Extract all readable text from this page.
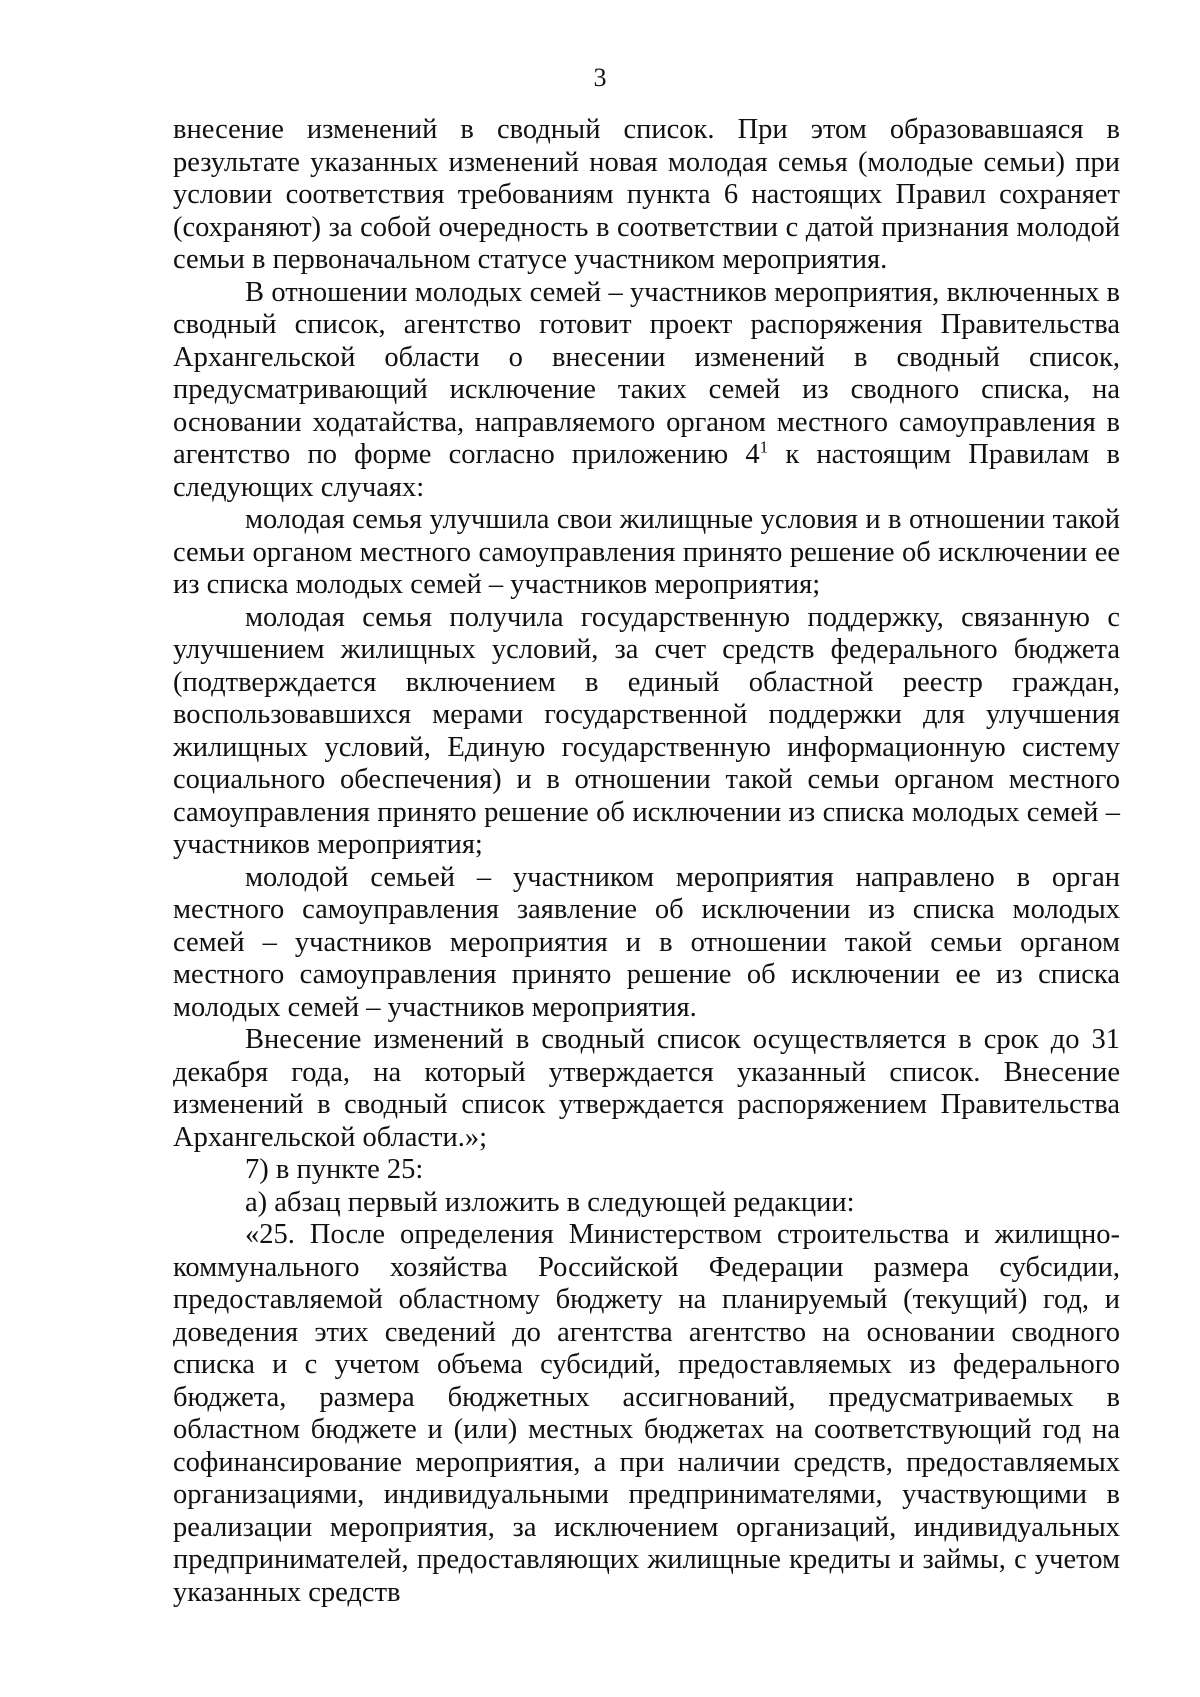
3

внесение изменений в сводный список. При этом образовавшаяся в результате указанных изменений новая молодая семья (молодые семьи) при условии соответствия требованиям пункта 6 настоящих Правил сохраняет (сохраняют) за собой очередность в соответствии с датой признания молодой семьи в первоначальном статусе участником мероприятия.

В отношении молодых семей – участников мероприятия, включенных в сводный список, агентство готовит проект распоряжения Правительства Архангельской области о внесении изменений в сводный список, предусматривающий исключение таких семей из сводного списка, на основании ходатайства, направляемого органом местного самоуправления в агентство по форме согласно приложению $4^1$ к настоящим Правилам в следующих случаях:

молодая семья улучшила свои жилищные условия и в отношении такой семьи органом местного самоуправления принято решение об исключении ее из списка молодых семей – участников мероприятия;

молодая семья получила государственную поддержку, связанную с улучшением жилищных условий, за счет средств федерального бюджета (подтверждается включением в единый областной реестр граждан, воспользовавшихся мерами государственной поддержки для улучшения жилищных условий, Единую государственную информационную систему социального обеспечения) и в отношении такой семьи органом местного самоуправления принято решение об исключении из списка молодых семей – участников мероприятия;

молодой семьей – участником мероприятия направлено в орган местного самоуправления заявление об исключении из списка молодых семей – участников мероприятия и в отношении такой семьи органом местного самоуправления принято решение об исключении ее из списка молодых семей – участников мероприятия.

Внесение изменений в сводный список осуществляется в срок до 31 декабря года, на который утверждается указанный список. Внесение изменений в сводный список утверждается распоряжением Правительства Архангельской области.»;

7) в пункте 25:

а) абзац первый изложить в следующей редакции:

«25. После определения Министерством строительства и жилищно-коммунального хозяйства Российской Федерации размера субсидии, предоставляемой областному бюджету на планируемый (текущий) год, и доведения этих сведений до агентства агентство на основании сводного списка и с учетом объема субсидий, предоставляемых из федерального бюджета, размера бюджетных ассигнований, предусматриваемых в областном бюджете и (или) местных бюджетах на соответствующий год на софинансирование мероприятия, а при наличии средств, предоставляемых организациями, индивидуальными предпринимателями, участвующими в реализации мероприятия, за исключением организаций, индивидуальных предпринимателей, предоставляющих жилищные кредиты и займы, с учетом указанных средств
